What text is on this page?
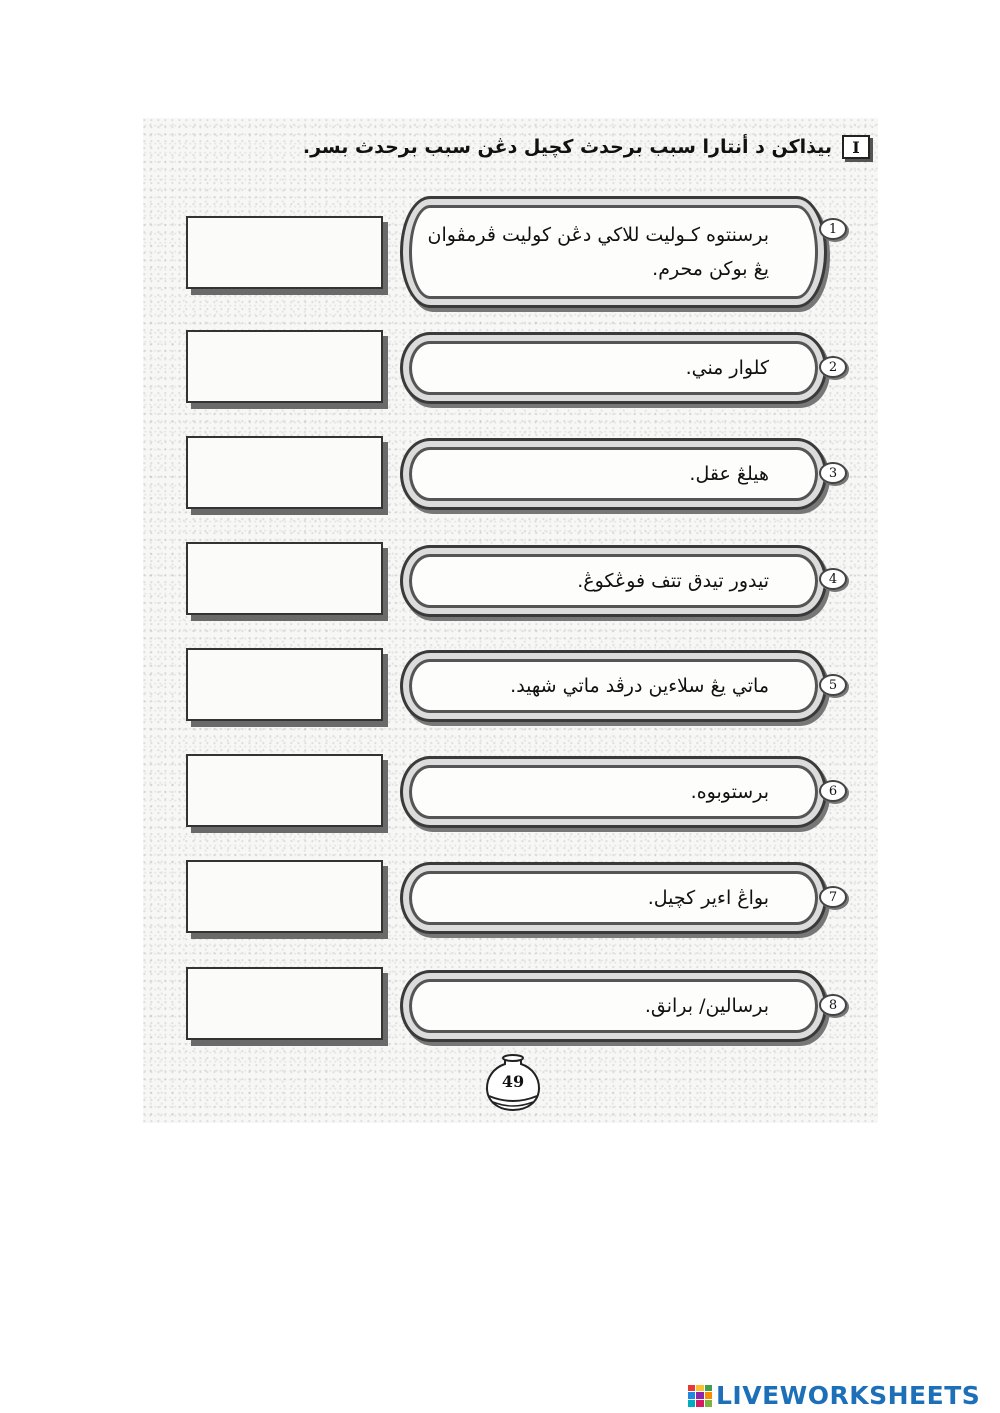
بيذاكن د أنتارا سبب برحدث كچيل دڠن سبب برحدث بسر.	I
برسنتوه كـوليت للاكي دڠن كوليت ڤرمڤوان يڠ بوكن محرم.
1
كلوار مني.	2
هيلڠ عقل.	3
تيدور تيدق تتف فوڠكوڠ.	4
ماتي يڠ سلاءين درڤد ماتي شهيد.	5
برستوبوه.	6
بواڠ اءير كچيل.	7
برسالين/ برانق.	8
49
LIVEWORKSHEETS
